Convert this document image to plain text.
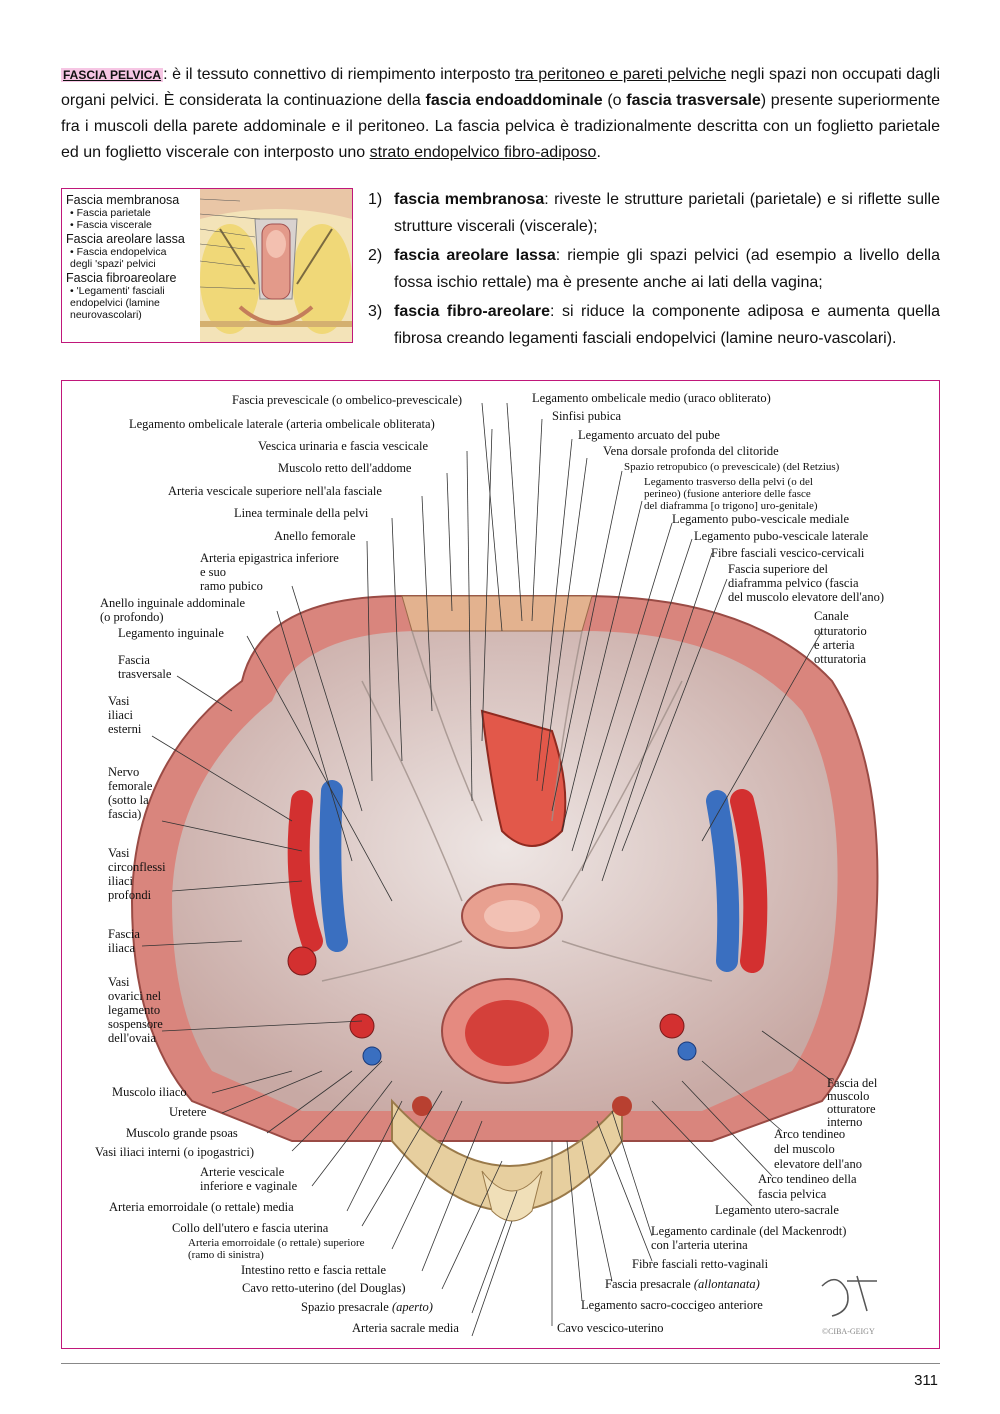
FASCIA PELVICA : è il tessuto connettivo di riempimento interposto tra peritoneo e pareti pelviche negli spazi non occupati dagli organi pelvici. È considerata la continuazione della fascia endoaddominale (o fascia trasversale) presente superiormente fra i muscoli della parete addominale e il peritoneo. La fascia pelvica è tradizionalmente descritta con un foglietto parietale ed un foglietto viscerale con interposto uno strato endopelvico fibro-adiposo.
Fascia membranosa
• Fascia parietale
• Fascia viscerale
Fascia areolare lassa
• Fascia endopelvica
degli 'spazi' pelvici
Fascia fibroareolare
• 'Legamenti' fasciali
endopelvici (lamine
neurovascolari)
1) fascia membranosa: riveste le strutture parietali (parietale) e si riflette sulle strutture viscerali (viscerale);
2) fascia areolare lassa: riempie gli spazi pelvici (ad esempio a livello della fossa ischio rettale) ma è presente anche ai lati della vagina;
3) fascia fibro-areolare: si riduce la componente adiposa e aumenta quella fibrosa creando legamenti fasciali endopelvici (lamine neuro-vascolari).
Fascia prevescicale (o ombelico-prevescicale)
Legamento ombelicale laterale (arteria ombelicale obliterata)
Vescica urinaria e fascia vescicale
Muscolo retto dell'addome
Arteria vescicale superiore nell'ala fasciale
Linea terminale della pelvi
Anello femorale
Arteria epigastrica inferiore
e suo
ramo pubico
Anello inguinale addominale
(o profondo)
Legamento inguinale
Fascia
trasversale
Vasi
iliaci
esterni
Nervo
femorale
(sotto la
fascia)
Vasi
circonflessi
iliaci
profondi
Fascia
iliaca
Vasi
ovarici nel
legamento
sospensore
dell'ovaia
Legamento ombelicale medio (uraco obliterato)
Sinfisi pubica
Legamento arcuato del pube
Vena dorsale profonda del clitoride
Spazio retropubico (o prevescicale) (del Retzius)
Legamento trasverso della pelvi (o del
perineo) (fusione anteriore delle fasce
del diaframma [o trigono] uro-genitale)
Legamento pubo-vescicale mediale
Legamento pubo-vescicale laterale
Fibre fasciali vescico-cervicali
Fascia superiore del
diaframma pelvico (fascia
del muscolo elevatore dell'ano)
Canale
otturatorio
e arteria
otturatoria
Muscolo iliaco
Uretere
Muscolo grande psoas
Vasi iliaci interni (o ipogastrici)
Arterie vescicale
inferiore e vaginale
Arteria emorroidale (o rettale) media
Collo dell'utero e fascia uterina
Arteria emorroidale (o rettale) superiore
(ramo di sinistra)
Intestino retto e fascia rettale
Cavo retto-uterino (del Douglas)
Spazio presacrale (aperto)
Arteria sacrale media
Fascia del
muscolo
otturatore
interno
Arco tendineo
del muscolo
elevatore dell'ano
Arco tendineo della
fascia pelvica
Legamento utero-sacrale
Legamento cardinale (del Mackenrodt)
con l'arteria uterina
Fibre fasciali retto-vaginali
Fascia presacrale (allontanata)
Legamento sacro-coccigeo anteriore
Cavo vescico-uterino	©CIBA-GEIGY
311
